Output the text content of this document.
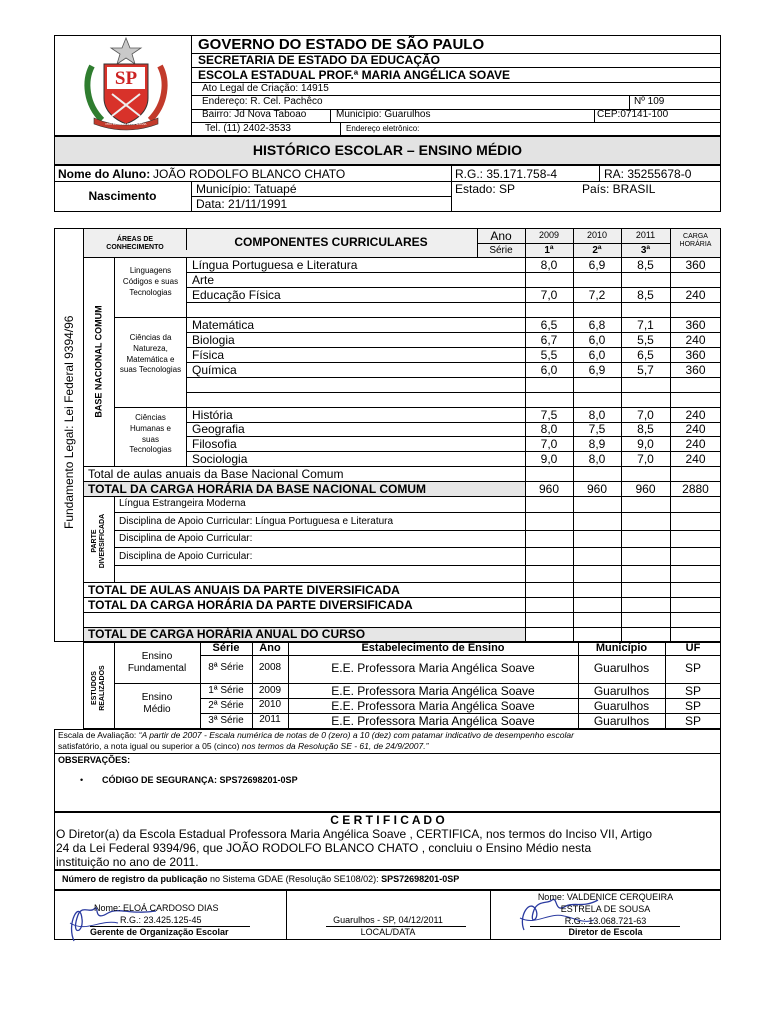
SP
PRO BRASILIA FIANT EXIMIA
GOVERNO DO ESTADO DE SÃO PAULO
SECRETARIA DE ESTADO DA EDUCAÇÃO
ESCOLA ESTADUAL PROF.ª MARIA ANGÉLICA SOAVE
Ato Legal de Criação: 14915
Endereço: R. Cel. Pachêco	Nº 109
Bairro: Jd Nova Taboao	Município: Guarulhos	CEP:07141-100
Tel. (11) 2402-3533	Endereço eletrônico:
HISTÓRICO ESCOLAR – ENSINO MÉDIO
Nome do Aluno: JOÃO RODOLFO BLANCO CHATO	R.G.: 35.171.758-4	RA: 35255678-0
Nascimento	Município: Tatuapé	Estado: SP	País: BRASIL
Data: 21/11/1991
Fundamento Legal: Lei Federal 9394/96
ÁREAS DE CONHECIMENTO	COMPONENTES CURRICULARES	Ano
Série
2009	2010	2011
1ª	2ª	3ª
CARGA HORÁRIA
BASE NACIONAL COMUM
Linguagens Códigos e suas Tecnologias
Ciências da Natureza, Matemática e suas Tecnologias
Ciências Humanas e suas Tecnologias
Língua Portuguesa e Literatura	8,0	6,9	8,5	360
Arte
Educação Física	7,0	7,2	8,5	240
Matemática	6,5	6,8	7,1	360
Biologia	6,7	6,0	5,5	240
Física	5,5	6,0	6,5	360
Química	6,0	6,9	5,7	360
História	7,5	8,0	7,0	240
Geografia	8,0	7,5	8,5	240
Filosofia	7,0	8,9	9,0	240
Sociologia	9,0	8,0	7,0	240
Total de aulas anuais da Base Nacional Comum
TOTAL DA CARGA HORÁRIA DA BASE NACIONAL COMUM	960	960	960	2880
PARTE DIVERSIFICADA
Língua Estrangeira Moderna
Disciplina de Apoio Curricular: Língua Portuguesa e Literatura
Disciplina de Apoio Curricular:
Disciplina de Apoio Curricular:
TOTAL DE AULAS ANUAIS DA PARTE DIVERSIFICADA
TOTAL DA CARGA HORÁRIA DA PARTE DIVERSIFICADA
TOTAL DE CARGA HORÁRIA ANUAL DO CURSO
ESTUDOS REALIZADOS
Série	Ano	Estabelecimento de Ensino	Município	UF
Ensino Fundamental
Ensino Médio
8ª Série	2008	E.E. Professora Maria Angélica Soave	Guarulhos	SP
1ª Série	2009	E.E. Professora Maria Angélica Soave	Guarulhos	SP
2ª Série	2010	E.E. Professora Maria Angélica Soave	Guarulhos	SP
3ª Série	2011	E.E. Professora Maria Angélica Soave	Guarulhos	SP
Escala de Avaliação: “A partir de 2007 - Escala numérica de notas de 0 (zero) a 10 (dez) com patamar indicativo de desempenho escolar
satisfatório, a nota igual ou superior a 05 (cinco) nos termos da Resolução SE - 61, de 24/9/2007.”
OBSERVAÇÕES:
• CÓDIGO DE SEGURANÇA: SPS72698201-0SP
C E R T I F I C A D O
O Diretor(a) da Escola Estadual Professora Maria Angélica Soave , CERTIFICA, nos termos do Inciso VII, Artigo
24 da Lei Federal 9394/96, que JOÃO RODOLFO BLANCO CHATO , concluiu o Ensino Médio nesta
instituição no ano de 2011.
Número de registro da publicação no Sistema GDAE (Resolução SE108/02): SPS72698201-0SP
Nome: ELOÁ CARDOSO DIAS
R.G.: 23.425.125-45
Gerente de Organização Escolar
Guarulhos - SP, 04/12/2011
LOCAL/DATA
Nome: VALDENICE CERQUEIRA
ESTRELA DE SOUSA
R.G.: 13.068.721-63
Diretor de Escola
